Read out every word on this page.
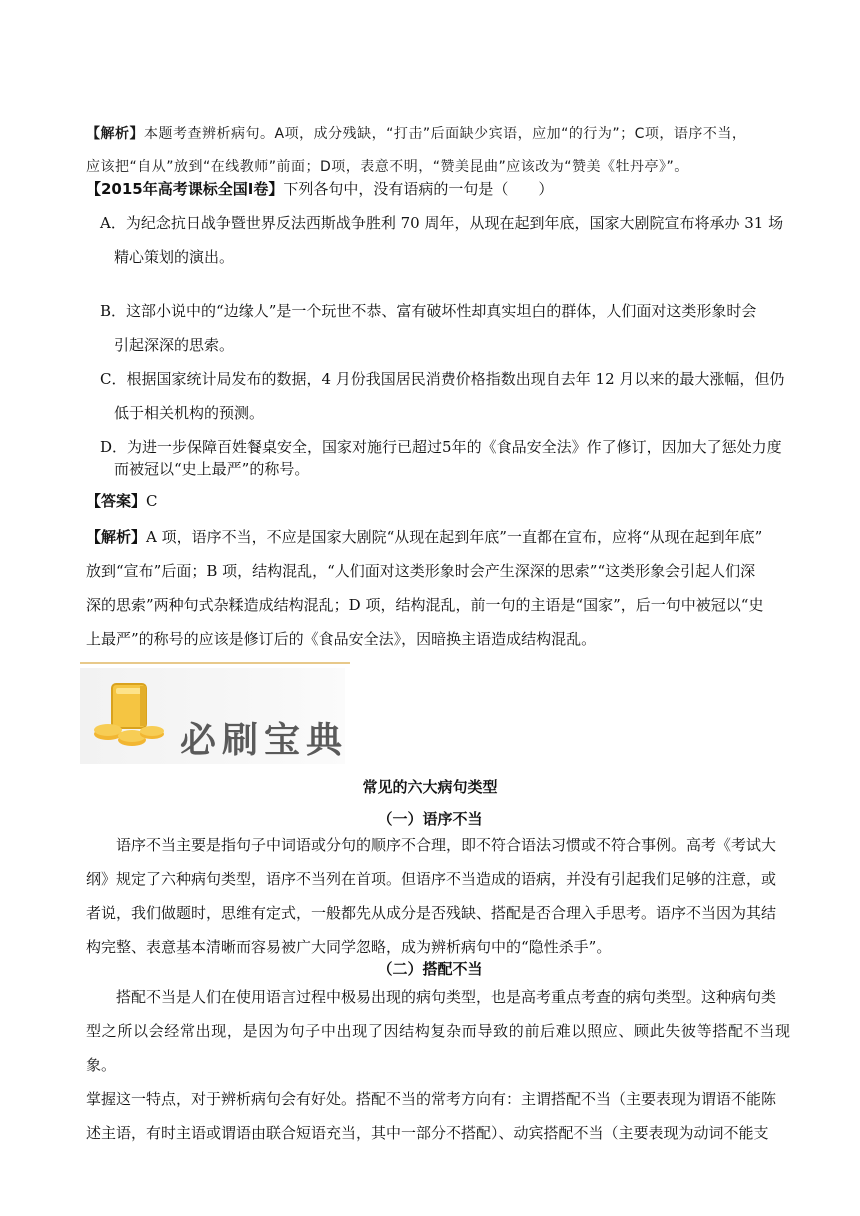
【解析】本题考查辨析病句。A项，成分残缺，“打击”后面缺少宾语，应加“的行为”；C项，语序不当，
应该把“自从”放到“在线教师”前面；D项，表意不明，“赞美昆曲”应该改为“赞美《牡丹亭》”。
【2015年高考课标全国Ⅰ卷】下列各句中，没有语病的一句是（　　）
A．为纪念抗日战争暨世界反法西斯战争胜利 70 周年，从现在起到年底，国家大剧院宣布将承办 31 场
精心策划的演出。
B．这部小说中的“边缘人”是一个玩世不恭、富有破坏性却真实坦白的群体，人们面对这类形象时会
引起深深的思索。
C．根据国家统计局发布的数据，4 月份我国居民消费价格指数出现自去年 12 月以来的最大涨幅，但仍
低于相关机构的预测。
D．为进一步保障百姓餐桌安全，国家对施行已超过5年的《食品安全法》作了修订，因加大了惩处力度
而被冠以“史上最严”的称号。
【答案】C
【解析】A 项，语序不当，不应是国家大剧院“从现在起到年底”一直都在宣布，应将“从现在起到年底”
放到“宣布”后面；B 项，结构混乱，“人们面对这类形象时会产生深深的思索”“这类形象会引起人们深
深的思索”两种句式杂糅造成结构混乱；D 项，结构混乱，前一句的主语是“国家”，后一句中被冠以“史
上最严”的称号的应该是修订后的《食品安全法》，因暗换主语造成结构混乱。
必刷宝典
常见的六大病句类型
（一）语序不当
语序不当主要是指句子中词语或分句的顺序不合理，即不符合语法习惯或不符合事例。高考《考试大
纲》规定了六种病句类型，语序不当列在首项。但语序不当造成的语病，并没有引起我们足够的注意，或
者说，我们做题时，思维有定式，一般都先从成分是否残缺、搭配是否合理入手思考。语序不当因为其结
构完整、表意基本清晰而容易被广大同学忽略，成为辨析病句中的“隐性杀手”。
（二）搭配不当
搭配不当是人们在使用语言过程中极易出现的病句类型，也是高考重点考查的病句类型。这种病句类
型之所以会经常出现，是因为句子中出现了因结构复杂而导致的前后难以照应、顾此失彼等搭配不当现象。
掌握这一特点，对于辨析病句会有好处。搭配不当的常考方向有：主谓搭配不当（主要表现为谓语不能陈
述主语，有时主语或谓语由联合短语充当，其中一部分不搭配）、动宾搭配不当（主要表现为动词不能支
